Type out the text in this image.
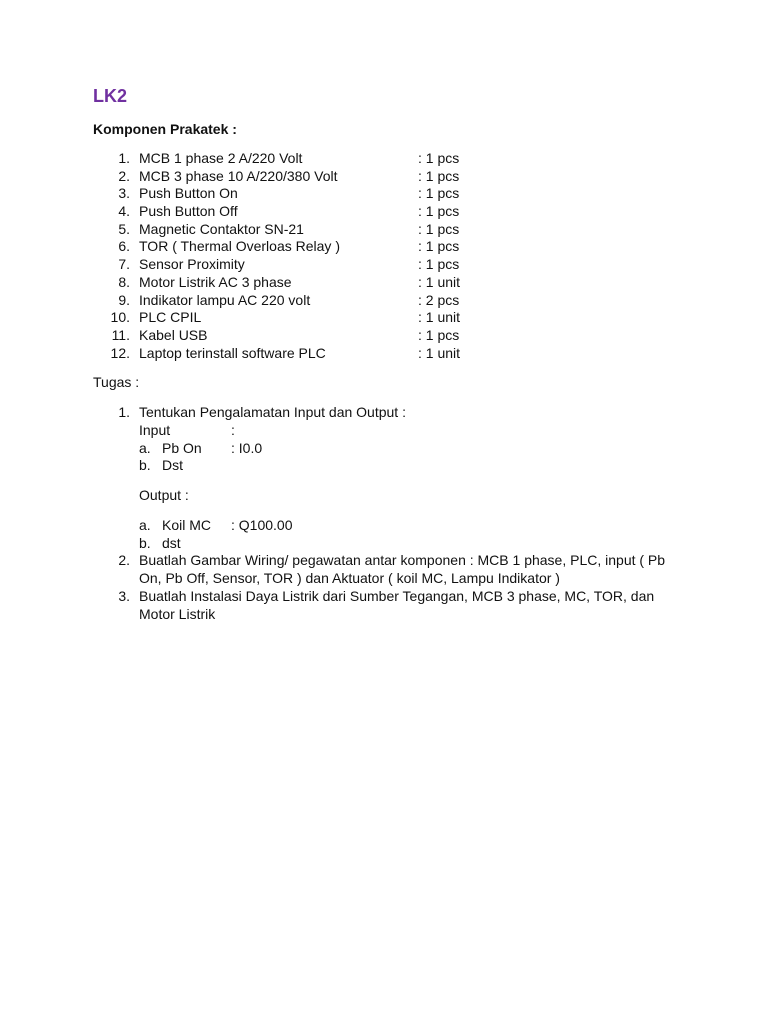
LK2
Komponen Prakatek :
1. MCB 1 phase 2 A/220 Volt	: 1 pcs
2. MCB 3 phase 10 A/220/380 Volt	: 1 pcs
3. Push Button On	: 1 pcs
4. Push Button Off	: 1 pcs
5. Magnetic Contaktor SN-21	: 1 pcs
6. TOR ( Thermal Overloas Relay )	: 1 pcs
7. Sensor Proximity	: 1 pcs
8. Motor Listrik AC 3 phase	: 1 unit
9. Indikator lampu AC 220 volt	: 2 pcs
10. PLC CPIL	: 1 unit
11. Kabel USB	: 1 pcs
12. Laptop terinstall software PLC	: 1 unit
Tugas :
1. Tentukan Pengalamatan Input dan Output :
Input	:
a. Pb On : I0.0
b. Dst
Output :
a. Koil MC : Q100.00
b. dst
2. Buatlah Gambar Wiring/ pegawatan antar komponen : MCB 1 phase, PLC, input ( Pb
On, Pb Off, Sensor, TOR ) dan Aktuator ( koil MC, Lampu Indikator )
3. Buatlah Instalasi Daya Listrik dari Sumber Tegangan, MCB 3 phase, MC, TOR, dan
Motor Listrik
